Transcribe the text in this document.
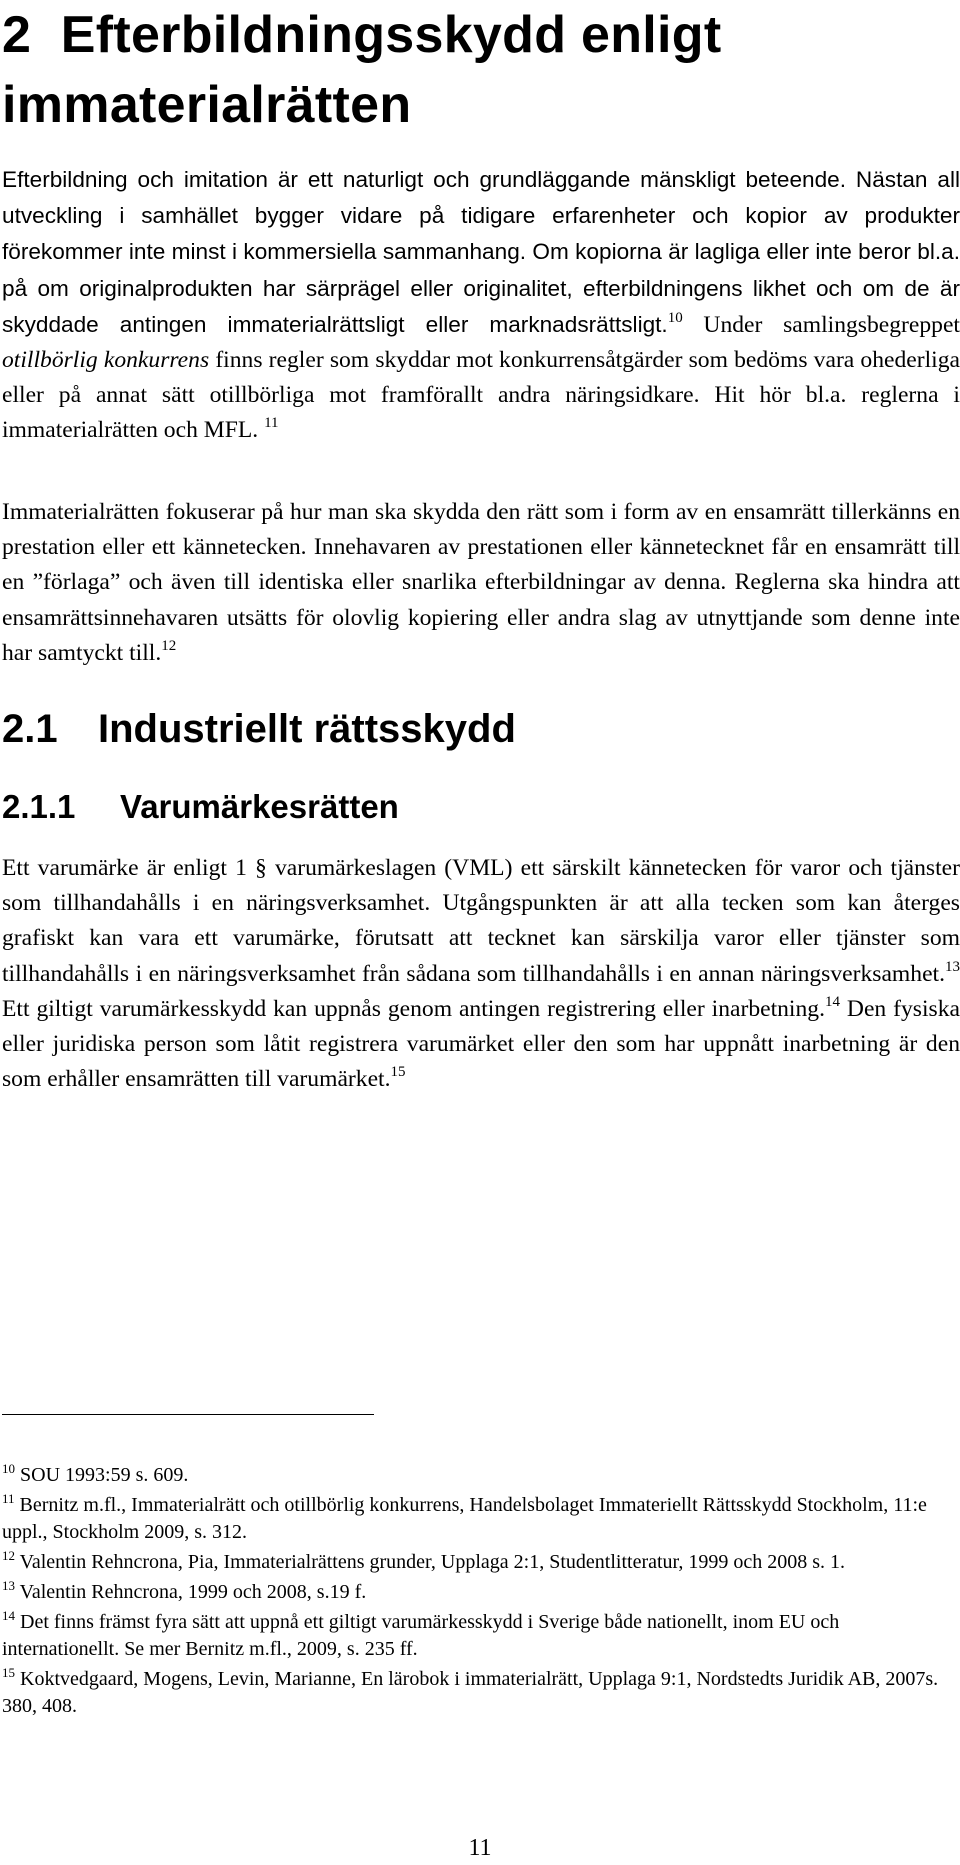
2 Efterbildningsskydd enligt immaterialrätten

Efterbildning och imitation är ett naturligt och grundläggande mänskligt beteende. Nästan all utveckling i samhället bygger vidare på tidigare erfarenheter och kopior av produkter förekommer inte minst i kommersiella sammanhang. Om kopiorna är lagliga eller inte beror bl.a. på om originalprodukten har särprägel eller originalitet, efterbildningens likhet och om de är skyddade antingen immaterialrättsligt eller marknadsrättsligt.$^{10}$ Under samlingsbegreppet otillbörlig konkurrens finns regler som skyddar mot konkurrensåtgärder som bedöms vara ohederliga eller på annat sätt otillbörliga mot framförallt andra näringsidkare. Hit hör bl.a. reglerna i immaterialrätten och MFL. $^{11}$

Immaterialrätten fokuserar på hur man ska skydda den rätt som i form av en ensamrätt tillerkänns en prestation eller ett kännetecken. Innehavaren av prestationen eller kännetecknet får en ensamrätt till en ”förlaga” och även till identiska eller snarlika efterbildningar av denna. Reglerna ska hindra att ensamrättsinnehavaren utsätts för olovlig kopiering eller andra slag av utnyttjande som denne inte har samtyckt till.$^{12}$

2.1 Industriellt rättsskydd
2.1.1 Varumärkesrätten

Ett varumärke är enligt 1 § varumärkeslagen (VML) ett särskilt kännetecken för varor och tjänster som tillhandahålls i en näringsverksamhet. Utgångspunkten är att alla tecken som kan återges grafiskt kan vara ett varumärke, förutsatt att tecknet kan särskilja varor eller tjänster som tillhandahålls i en näringsverksamhet från sådana som tillhandahålls i en annan näringsverksamhet.$^{13}$ Ett giltigt varumärkesskydd kan uppnås genom antingen registrering eller inarbetning.$^{14}$ Den fysiska eller juridiska person som låtit registrera varumärket eller den som har uppnått inarbetning är den som erhåller ensamrätten till varumärket.$^{15}$

$^{10}$ SOU 1993:59 s. 609.

$^{11}$ Bernitz m.fl., Immaterialrätt och otillbörlig konkurrens, Handelsbolaget Immateriellt Rättsskydd Stockholm, 11:e uppl., Stockholm 2009, s. 312.

$^{12}$ Valentin Rehncrona, Pia, Immaterialrättens grunder, Upplaga 2:1, Studentlitteratur, 1999 och 2008 s. 1.

$^{13}$ Valentin Rehncrona, 1999 och 2008, s.19 f.

$^{14}$ Det finns främst fyra sätt att uppnå ett giltigt varumärkesskydd i Sverige både nationellt, inom EU och internationellt. Se mer Bernitz m.fl., 2009, s. 235 ff.

$^{15}$ Koktvedgaard, Mogens, Levin, Marianne, En lärobok i immaterialrätt, Upplaga 9:1, Nordstedts Juridik AB, 2007s. 380, 408.

11
